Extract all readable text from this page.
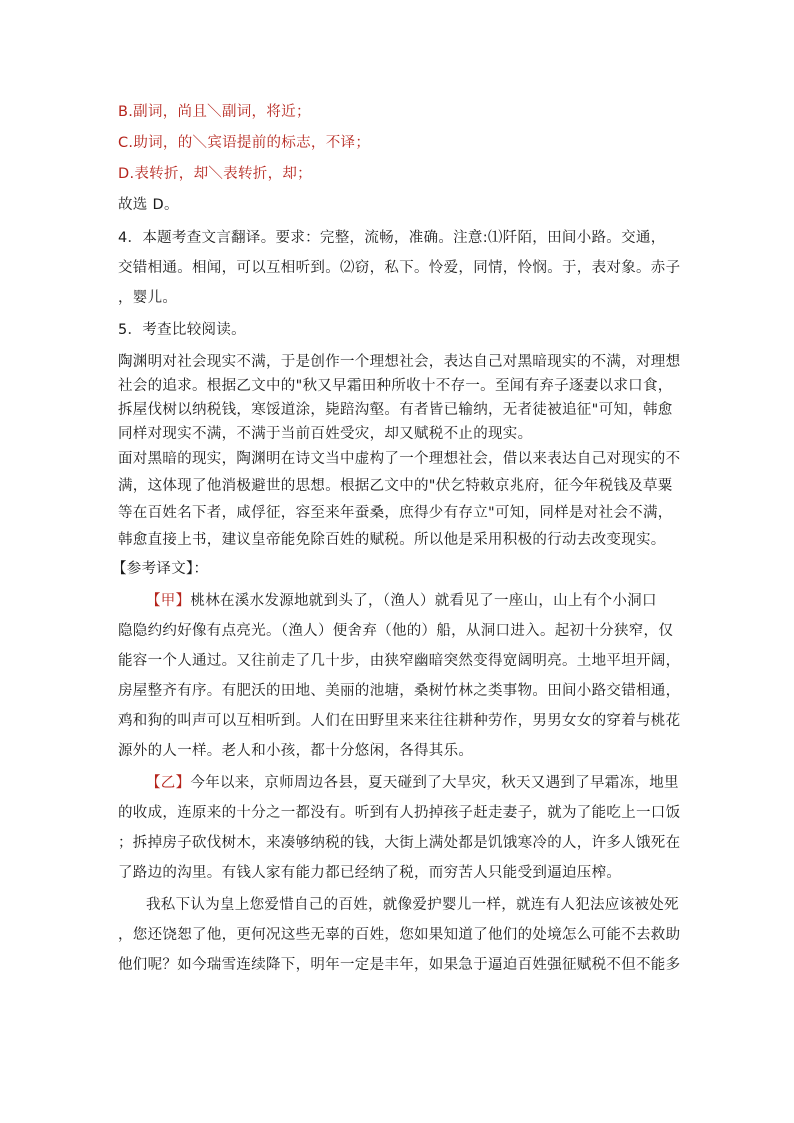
B.副词，尚且＼副词，将近；
C.助词，的＼宾语提前的标志，不译；
D.表转折，却＼表转折，却；
故选 D。
4．本题考查文言翻译。要求：完整，流畅，准确。注意:⑴阡陌，田间小路。交通，
交错相通。相闻，可以互相听到。⑵窃，私下。怜爱，同情，怜悯。于，表对象。赤子
，婴儿。
5．考查比较阅读。
陶渊明对社会现实不满，于是创作一个理想社会，表达自己对黑暗现实的不满，对理想
社会的追求。根据乙文中的"秋又早霜田种所收十不存一。至闻有弃子逐妻以求口食，
拆屋伐树以纳税钱，寒馁道涂，毙踣沟壑。有者皆已输纳，无者徒被追征"可知，韩愈
同样对现实不满，不满于当前百姓受灾，却又赋税不止的现实。
面对黑暗的现实，陶渊明在诗文当中虚构了一个理想社会，借以来表达自己对现实的不
满，这体现了他消极避世的思想。根据乙文中的"伏乞特敕京兆府，征今年税钱及草粟
等在百姓名下者，咸俘征，容至来年蚕桑，庶得少有存立"可知，同样是对社会不满，
韩愈直接上书，建议皇帝能免除百姓的赋税。所以他是采用积极的行动去改变现实。
【参考译文】：
【甲】桃林在溪水发源地就到头了，（渔人）就看见了一座山，山上有个小洞口
隐隐约约好像有点亮光。（渔人）便舍弃（他的）船，从洞口进入。起初十分狭窄，仅
能容一个人通过。又往前走了几十步，由狭窄幽暗突然变得宽阔明亮。土地平坦开阔，
房屋整齐有序。有肥沃的田地、美丽的池塘，桑树竹林之类事物。田间小路交错相通，
鸡和狗的叫声可以互相听到。人们在田野里来来往往耕种劳作，男男女女的穿着与桃花
源外的人一样。老人和小孩，都十分悠闲，各得其乐。
【乙】今年以来，京师周边各县，夏天碰到了大旱灾，秋天又遇到了早霜冻，地里
的收成，连原来的十分之一都没有。听到有人扔掉孩子赶走妻子，就为了能吃上一口饭
；拆掉房子砍伐树木，来凑够纳税的钱，大街上满处都是饥饿寒冷的人，许多人饿死在
了路边的沟里。有钱人家有能力都已经纳了税，而穷苦人只能受到逼迫压榨。
我私下认为皇上您爱惜自己的百姓，就像爱护婴儿一样，就连有人犯法应该被处死
，您还饶恕了他，更何况这些无辜的百姓，您如果知道了他们的处境怎么可能不去救助
他们呢？如今瑞雪连续降下，明年一定是丰年，如果急于逼迫百姓强征赋税不但不能多
